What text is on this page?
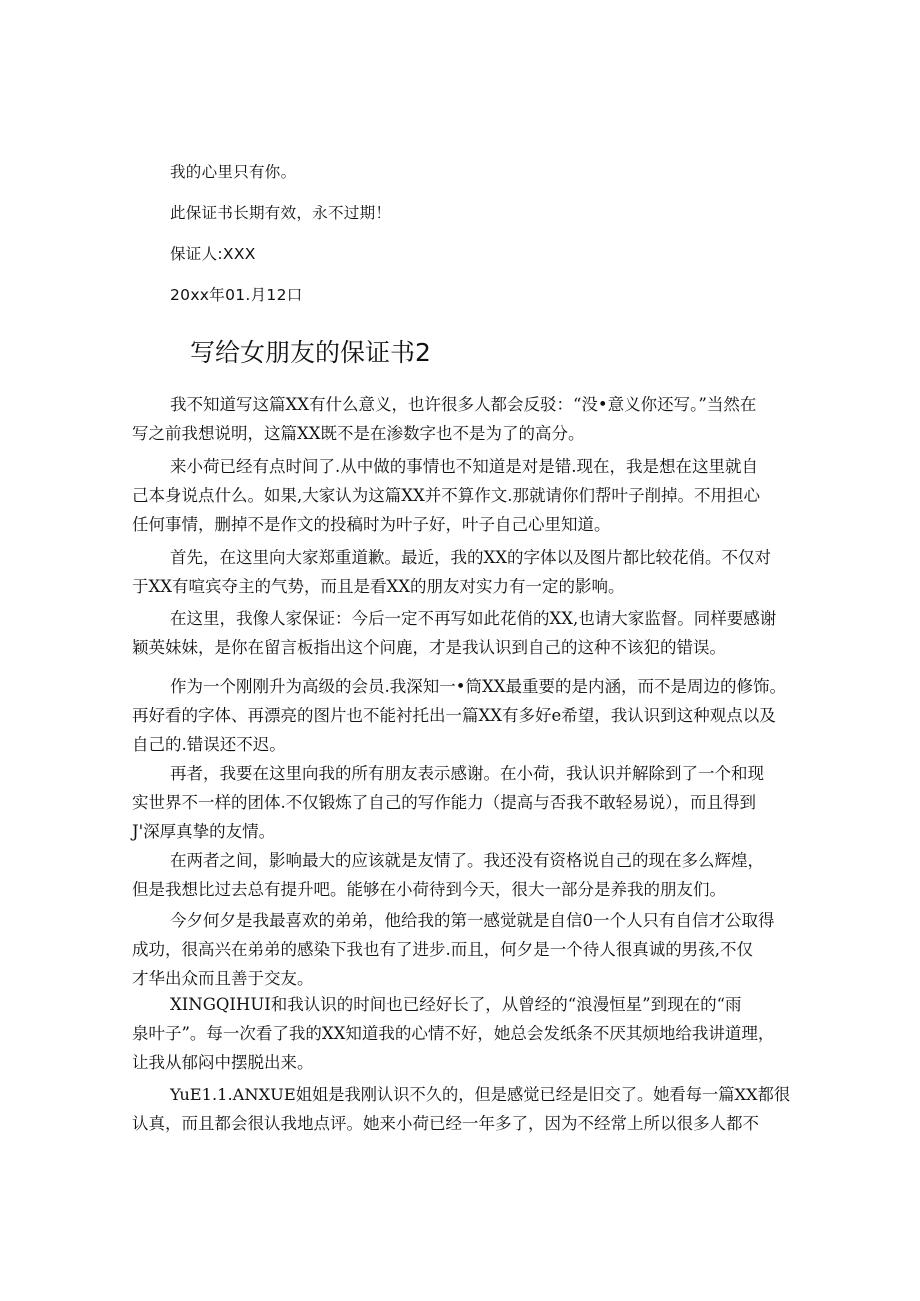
我的心里只有你。
此保证书长期有效，永不过期！
保证人:XXX
20xx年01.月12口
写给女朋友的保证书2
我不知道写这篇XX有什么意义，也许很多人都会反驳：“没•意义你还写。”当然在
写之前我想说明，这篇XX既不是在渗数字也不是为了的高分。
来小荷已经有点时间了.从中做的事情也不知道是对是错.现在，我是想在这里就自
己本身说点什么。如果,大家认为这篇XX并不算作文.那就请你们帮叶子削掉。不用担心
任何事情，删掉不是作文的投稿时为叶子好，叶子自己心里知道。
首先，在这里向大家郑重道歉。最近，我的XX的字体以及图片都比较花俏。不仅对
于XX有喧宾夺主的气势，而且是看XX的朋友对实力有一定的影响。
在这里，我像人家保证：今后一定不再写如此花俏的XX,也请大家监督。同样要感谢
颖英妹妹，是你在留言板指出这个问鹿，才是我认识到自己的这种不该犯的错误。
作为一个刚刚升为高级的会员.我深知一•筒XX最重要的是内涵，而不是周边的修饰。
再好看的字体、再漂亮的图片也不能衬托出一篇XX有多好e希望，我认识到这种观点以及
自己的.错误还不迟。
再者，我要在这里向我的所有朋友表示感谢。在小荷，我认识并解除到了一个和现
实世界不一样的团体.不仅锻炼了自己的写作能力（提高与否我不敢轻易说），而且得到
J'深厚真挚的友情。
在两者之间，影响最大的应该就是友情了。我还没有资格说自己的现在多么辉煌，
但是我想比过去总有提升吧。能够在小荷待到今天，很大一部分是养我的朋友们。
今夕何夕是我最喜欢的弟弟，他给我的第一感觉就是自信0一个人只有自信才公取得
成功，很高兴在弟弟的感染下我也有了进步.而且，何夕是一个待人很真诚的男孩,不仅
才华出众而且善于交友。
XINGQIHUI和我认识的时间也已经好长了，从曾经的“浪漫恒星”到现在的“雨
泉叶子”。每一次看了我的XX知道我的心情不好，她总会发纸条不厌其烦地给我讲道理，
让我从郁闷中摆脱出来。
YuE1.1.ANXUE姐姐是我刚认识不久的，但是感觉已经是旧交了。她看每一篇XX都很
认真，而且都会很认我地点评。她来小荷已经一年多了，因为不经常上所以很多人都不
